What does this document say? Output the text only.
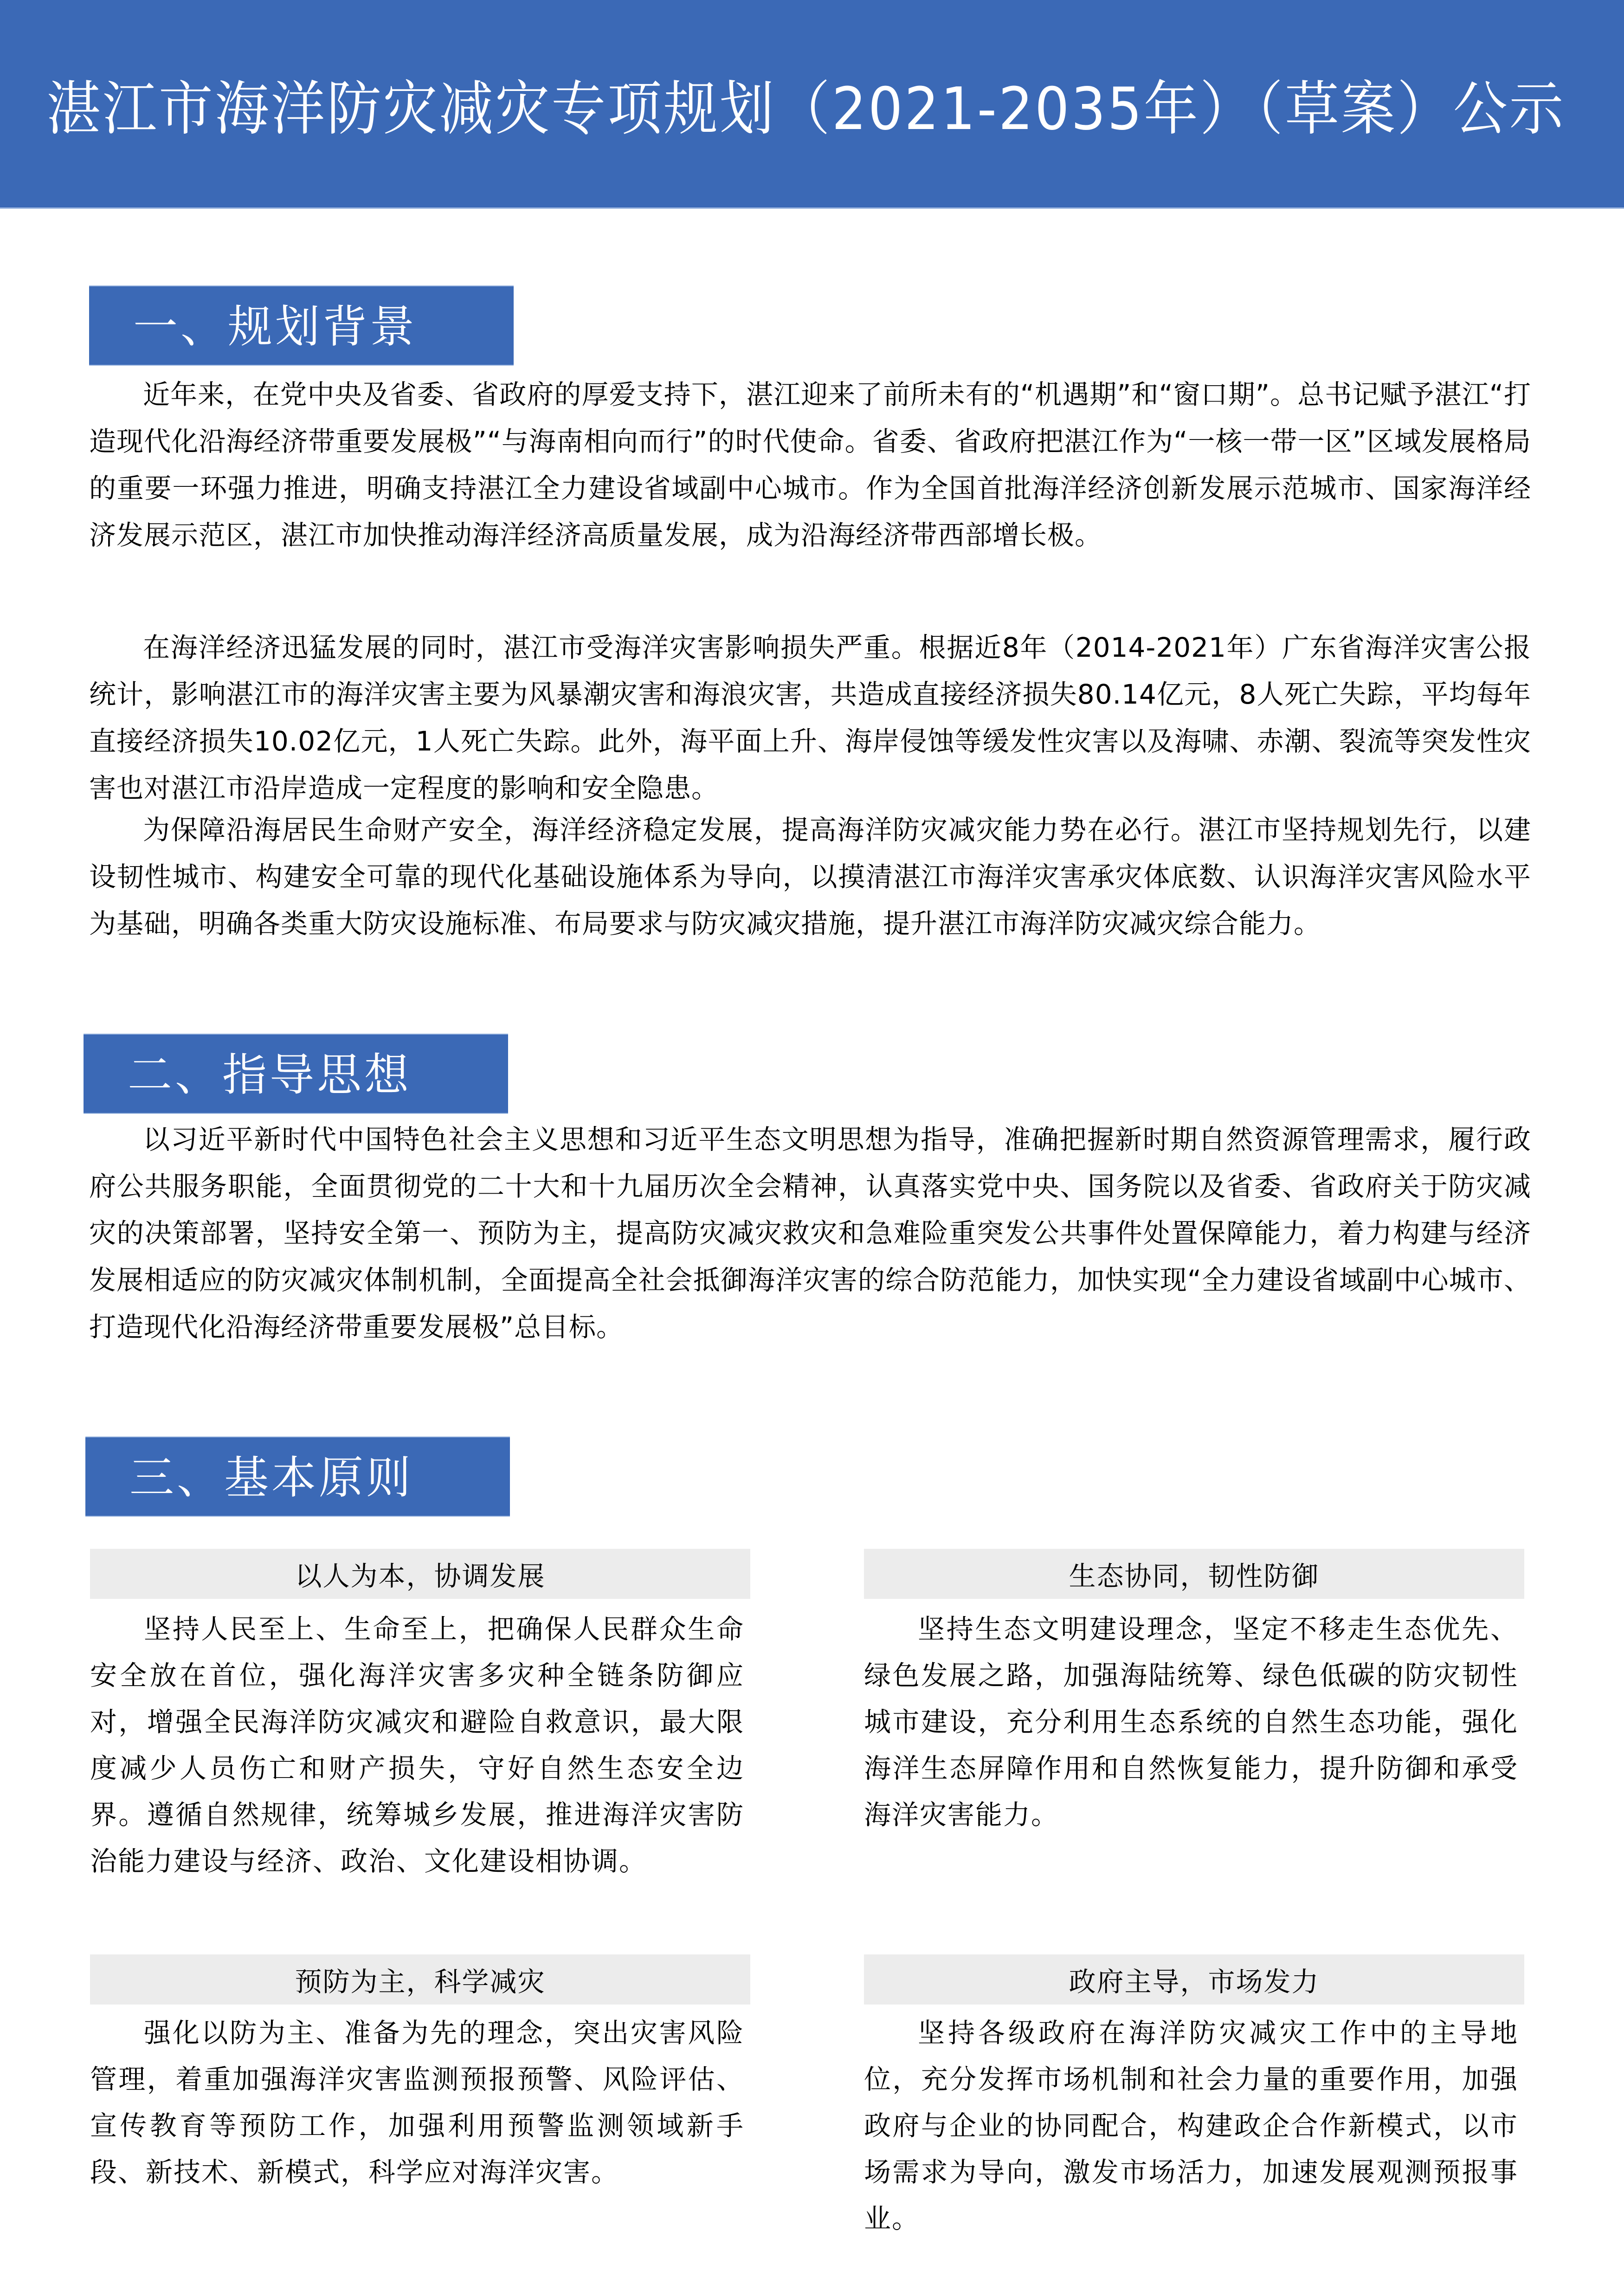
湛江市海洋防灾减灾专项规划（2021-2035年）（草案）公示
一、规划背景

近年来，在党中央及省委、省政府的厚爱支持下，湛江迎来了前所未有的“机遇期”和“窗口期”。总书记赋予湛江“打造现代化沿海经济带重要发展极”“与海南相向而行”的时代使命。省委、省政府把湛江作为“一核一带一区”区域发展格局的重要一环强力推进，明确支持湛江全力建设省域副中心城市。作为全国首批海洋经济创新发展示范城市、国家海洋经济发展示范区，湛江市加快推动海洋经济高质量发展，成为沿海经济带西部增长极。

在海洋经济迅猛发展的同时，湛江市受海洋灾害影响损失严重。根据近8年（2014-2021年）广东省海洋灾害公报统计，影响湛江市的海洋灾害主要为风暴潮灾害和海浪灾害，共造成直接经济损失80.14亿元，8人死亡失踪，平均每年直接经济损失10.02亿元，1人死亡失踪。此外，海平面上升、海岸侵蚀等缓发性灾害以及海啸、赤潮、裂流等突发性灾害也对湛江市沿岸造成一定程度的影响和安全隐患。

为保障沿海居民生命财产安全，海洋经济稳定发展，提高海洋防灾减灾能力势在必行。湛江市坚持规划先行，以建设韧性城市、构建安全可靠的现代化基础设施体系为导向，以摸清湛江市海洋灾害承灾体底数、认识海洋灾害风险水平为基础，明确各类重大防灾设施标准、布局要求与防灾减灾措施，提升湛江市海洋防灾减灾综合能力。

二、指导思想

以习近平新时代中国特色社会主义思想和习近平生态文明思想为指导，准确把握新时期自然资源管理需求，履行政府公共服务职能，全面贯彻党的二十大和十九届历次全会精神，认真落实党中央、国务院以及省委、省政府关于防灾减灾的决策部署，坚持安全第一、预防为主，提高防灾减灾救灾和急难险重突发公共事件处置保障能力，着力构建与经济发展相适应的防灾减灾体制机制，全面提高全社会抵御海洋灾害的综合防范能力，加快实现“全力建设省域副中心城市、打造现代化沿海经济带重要发展极”总目标。

三、基本原则
以人为本，协调发展

坚持人民至上、生命至上，把确保人民群众生命安全放在首位，强化海洋灾害多灾种全链条防御应对，增强全民海洋防灾减灾和避险自救意识，最大限度减少人员伤亡和财产损失，守好自然生态安全边界。遵循自然规律，统筹城乡发展，推进海洋灾害防治能力建设与经济、政治、文化建设相协调。

生态协同，韧性防御

坚持生态文明建设理念，坚定不移走生态优先、绿色发展之路，加强海陆统筹、绿色低碳的防灾韧性城市建设，充分利用生态系统的自然生态功能，强化海洋生态屏障作用和自然恢复能力，提升防御和承受海洋灾害能力。

预防为主，科学减灾

强化以防为主、准备为先的理念，突出灾害风险管理，着重加强海洋灾害监测预报预警、风险评估、宣传教育等预防工作，加强利用预警监测领域新手段、新技术、新模式，科学应对海洋灾害。

政府主导，市场发力

坚持各级政府在海洋防灾减灾工作中的主导地位，充分发挥市场机制和社会力量的重要作用，加强政府与企业的协同配合，构建政企合作新模式，以市场需求为导向，激发市场活力，加速发展观测预报事业。
